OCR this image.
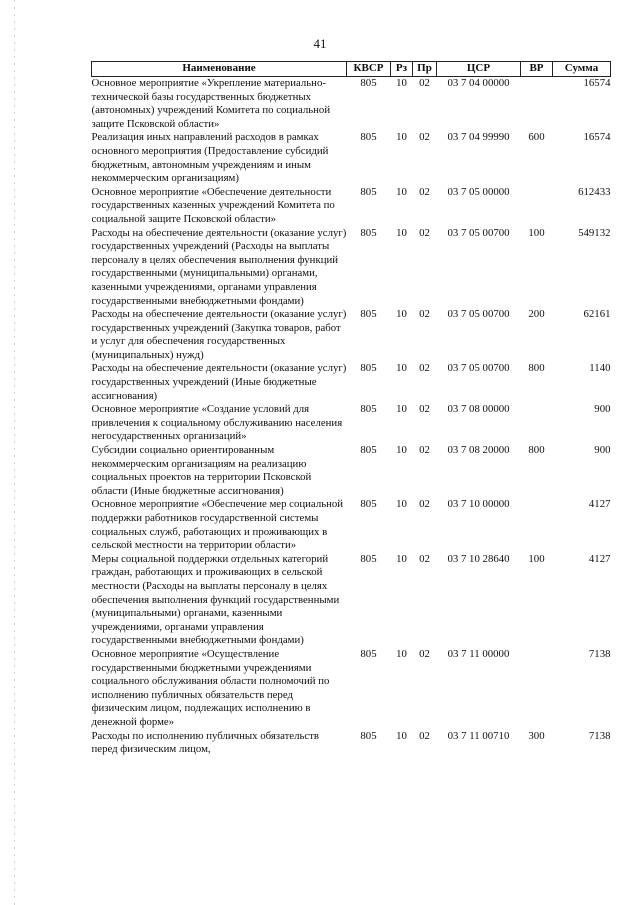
41
Наименование	КВСР	Рз	Пр	ЦСР	ВР	Сумма
Основное мероприятие «Укрепление материально-технической базы государственных бюджетных (автономных) учреждений Комитета по социальной защите Псковской области»	805	10	02	03 7 04 00000		16574
Реализация иных направлений расходов в рамках основного мероприятия (Предоставление субсидий бюджетным, автономным учреждениям и иным некоммерческим организациям)	805	10	02	03 7 04 99990	600	16574
Основное мероприятие «Обеспечение деятельности государственных казенных учреждений Комитета по социальной защите Псковской области»	805	10	02	03 7 05 00000		612433
Расходы на обеспечение деятельности (оказание услуг) государственных учреждений (Расходы на выплаты персоналу в целях обеспечения выполнения функций государственными (муниципальными) органами, казенными учреждениями, органами управления государственными внебюджетными фондами)	805	10	02	03 7 05 00700	100	549132
Расходы на обеспечение деятельности (оказание услуг) государственных учреждений (Закупка товаров, работ и услуг для обеспечения государственных (муниципальных) нужд)	805	10	02	03 7 05 00700	200	62161
Расходы на обеспечение деятельности (оказание услуг) государственных учреждений (Иные бюджетные ассигнования)	805	10	02	03 7 05 00700	800	1140
Основное мероприятие «Создание условий для привлечения к социальному обслуживанию населения негосударственных организаций»	805	10	02	03 7 08 00000		900
Субсидии социально ориентированным некоммерческим организациям на реализацию социальных проектов на территории Псковской области (Иные бюджетные ассигнования)	805	10	02	03 7 08 20000	800	900
Основное мероприятие «Обеспечение мер социальной поддержки работников государственной системы социальных служб, работающих и проживающих в сельской местности на территории области»	805	10	02	03 7 10 00000		4127
Меры социальной поддержки отдельных категорий граждан, работающих и проживающих в сельской местности (Расходы на выплаты персоналу в целях обеспечения выполнения функций государственными (муниципальными) органами, казенными учреждениями, органами управления государственными внебюджетными фондами)	805	10	02	03 7 10 28640	100	4127
Основное мероприятие «Осуществление государственными бюджетными учреждениями социального обслуживания области полномочий по исполнению публичных обязательств перед физическим лицом, подлежащих исполнению в денежной форме»	805	10	02	03 7 11 00000		7138
Расходы по исполнению публичных обязательств перед физическим лицом,	805	10	02	03 7 11 00710	300	7138
